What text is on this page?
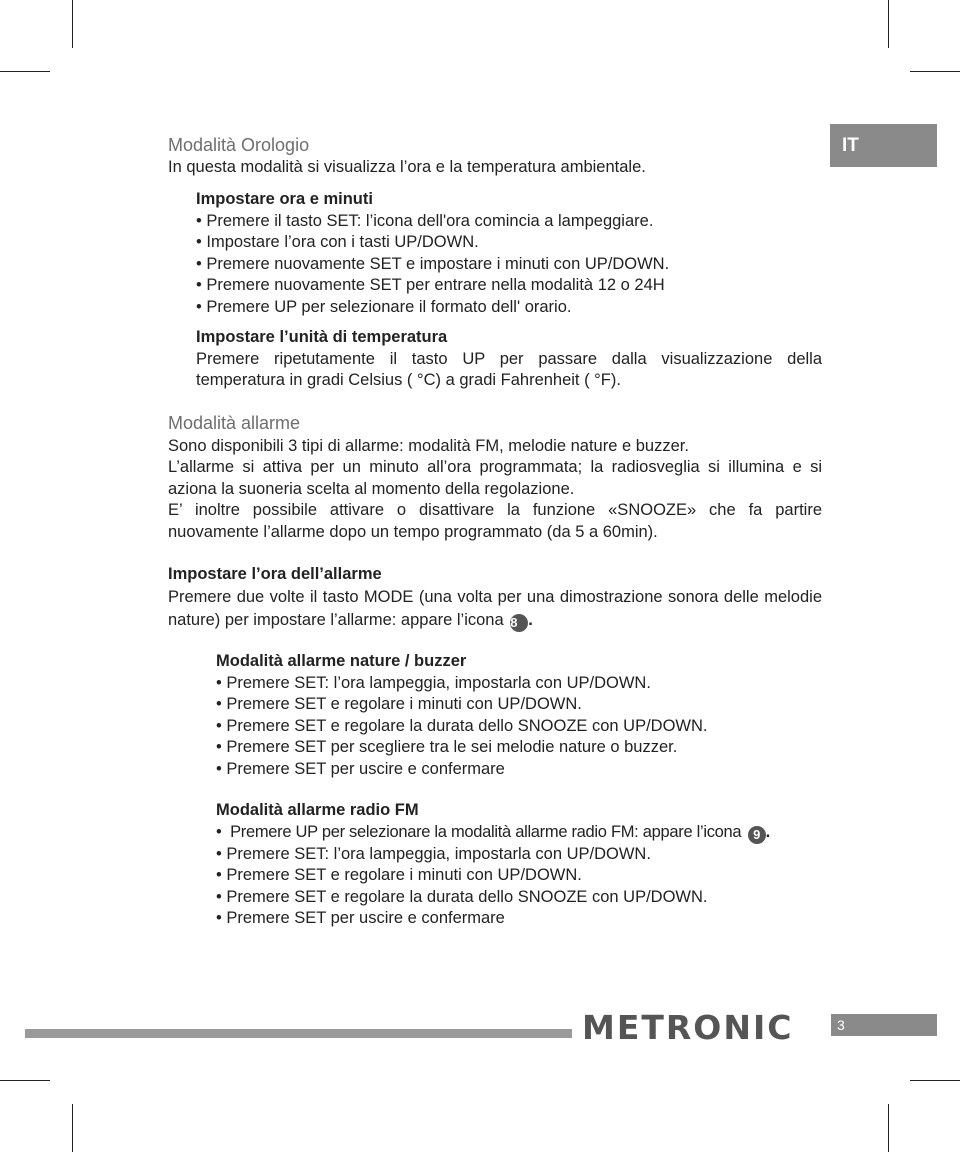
IT
Modalità Orologio
In questa modalità si visualizza l’ora e la temperatura ambientale.
Impostare ora e minuti
• Premere il tasto SET: l’icona dell'ora comincia a lampeggiare.
• Impostare l’ora con i tasti UP/DOWN.
• Premere nuovamente SET e impostare i minuti con UP/DOWN.
• Premere nuovamente SET per entrare nella modalità 12 o 24H
• Premere UP per selezionare il formato dell' orario.
Impostare l’unità di temperatura
Premere ripetutamente il tasto UP per passare dalla visualizzazione della temperatura in gradi Celsius ( °C) a gradi Fahrenheit ( °F).
Modalità allarme
Sono disponibili 3 tipi di allarme: modalità FM, melodie nature e buzzer.
L’allarme si attiva per un minuto all’ora programmata; la radiosveglia si illumina e si aziona la suoneria scelta al momento della regolazione.
E’ inoltre possibile attivare o disattivare la funzione «SNOOZE» che fa partire nuovamente l’allarme dopo un tempo programmato (da 5 a 60min).
Impostare l’ora dell’allarme
Premere due volte il tasto MODE (una volta per una dimostrazione sonora delle melodie nature) per impostare l’allarme: appare l’icona 8 .
Modalità allarme nature / buzzer
• Premere SET: l’ora lampeggia, impostarla con UP/DOWN.
• Premere SET e regolare i minuti con UP/DOWN.
• Premere SET e regolare la durata dello SNOOZE con UP/DOWN.
• Premere SET per scegliere tra le sei melodie nature o buzzer.
• Premere SET per uscire e confermare
Modalità allarme radio FM
• Premere UP per selezionare la modalità allarme radio FM: appare l’icona 9 .
• Premere SET: l’ora lampeggia, impostarla con UP/DOWN.
• Premere SET e regolare i minuti con UP/DOWN.
• Premere SET e regolare la durata dello SNOOZE con UP/DOWN.
• Premere SET per uscire e confermare
METRONIC	3
